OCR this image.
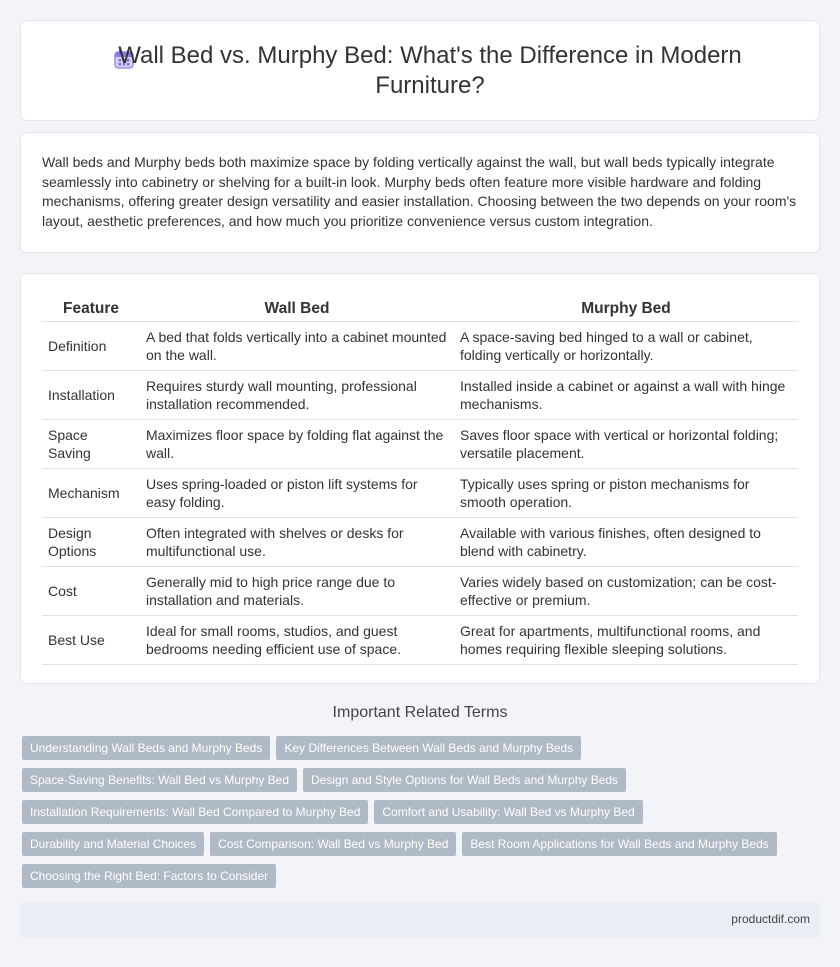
Wall Bed vs. Murphy Bed: What's the Difference in Modern Furniture?

Wall beds and Murphy beds both maximize space by folding vertically against the wall, but wall beds typically integrate seamlessly into cabinetry or shelving for a built-in look. Murphy beds often feature more visible hardware and folding mechanisms, offering greater design versatility and easier installation. Choosing between the two depends on your room's layout, aesthetic preferences, and how much you prioritize convenience versus custom integration.

Feature	Wall Bed	Murphy Bed
Definition	A bed that folds vertically into a cabinet mounted on the wall.	A space-saving bed hinged to a wall or cabinet, folding vertically or horizontally.
Installation	Requires sturdy wall mounting, professional installation recommended.	Installed inside a cabinet or against a wall with hinge mechanisms.
Space Saving	Maximizes floor space by folding flat against the wall.	Saves floor space with vertical or horizontal folding; versatile placement.
Mechanism	Uses spring-loaded or piston lift systems for easy folding.	Typically uses spring or piston mechanisms for smooth operation.
Design Options	Often integrated with shelves or desks for multifunctional use.	Available with various finishes, often designed to blend with cabinetry.
Cost	Generally mid to high price range due to installation and materials.	Varies widely based on customization; can be cost-effective or premium.
Best Use	Ideal for small rooms, studios, and guest bedrooms needing efficient use of space.	Great for apartments, multifunctional rooms, and homes requiring flexible sleeping solutions.
Important Related Terms
Understanding Wall Beds and Murphy Beds	Key Differences Between Wall Beds and Murphy Beds
Space-Saving Benefits: Wall Bed vs Murphy Bed	Design and Style Options for Wall Beds and Murphy Beds
Installation Requirements: Wall Bed Compared to Murphy Bed	Comfort and Usability: Wall Bed vs Murphy Bed
Durability and Material Choices	Cost Comparison: Wall Bed vs Murphy Bed	Best Room Applications for Wall Beds and Murphy Beds
Choosing the Right Bed: Factors to Consider
productdif.com
